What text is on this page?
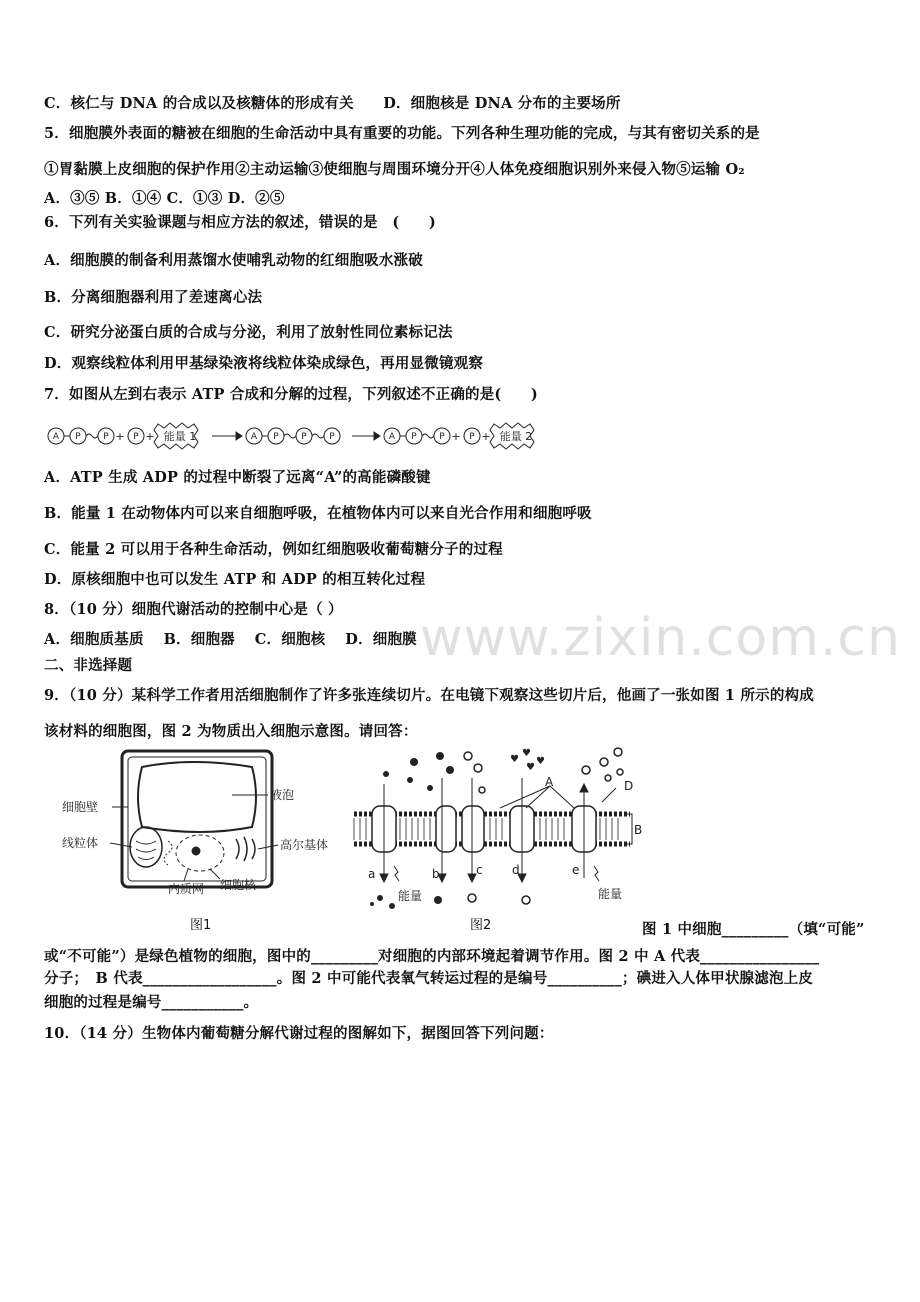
C．核仁与 DNA 的合成以及核糖体的形成有关　　D．细胞核是 DNA 分布的主要场所
5．细胞膜外表面的糖被在细胞的生命活动中具有重要的功能。下列各种生理功能的完成，与其有密切关系的是
①胃黏膜上皮细胞的保护作用②主动运输③使细胞与周围环境分开④人体免疫细胞识别外来侵入物⑤运输 O₂
A．③⑤ B．①④ C．①③ D．②⑤
6．下列有关实验课题与相应方法的叙述，错误的是　(　　)
A．细胞膜的制备利用蒸馏水使哺乳动物的红细胞吸水涨破
B．分离细胞器利用了差速离心法
C．研究分泌蛋白质的合成与分泌，利用了放射性同位素标记法
D．观察线粒体利用甲基绿染液将线粒体染成绿色，再用显微镜观察
7．如图从左到右表示 ATP 合成和分解的过程，下列叙述不正确的是(　　)
+ + 能量 1	+ + 能量 2
A P	P	P	A P	P	P	A P	P	P
A．ATP 生成 ADP 的过程中断裂了远离“A”的高能磷酸键
B．能量 1 在动物体内可以来自细胞呼吸，在植物体内可以来自光合作用和细胞呼吸
C．能量 2 可以用于各种生命活动，例如红细胞吸收葡萄糖分子的过程
D．原核细胞中也可以发生 ATP 和 ADP 的相互转化过程
8．（10 分）细胞代谢活动的控制中心是（ ）
A．细胞质基质　 B．细胞器　 C．细胞核　 D．细胞膜
二、非选择题
9．（10 分）某科学工作者用活细胞制作了许多张连续切片。在电镜下观察这些切片后，他画了一张如图 1 所示的构成
该材料的细胞图，图 2 为物质出入细胞示意图。请回答：
www.zixin.com.cn
细胞壁
线粒体
液泡
高尔基体
内质网 细胞核
图1
♥
♥
♥
♥
A	D
B
a	b	c d	e
能量	能量
图2	图 1 中细胞_________（填“可能”
或“不可能”）是绿色植物的细胞，图中的_________对细胞的内部环境起着调节作用。图 2 中 A 代表________________
分子；　B 代表__________________。图 2 中可能代表氧气转运过程的是编号__________；碘进入人体甲状腺滤泡上皮
细胞的过程是编号___________。
10．（14 分）生物体内葡萄糖分解代谢过程的图解如下，据图回答下列问题：
